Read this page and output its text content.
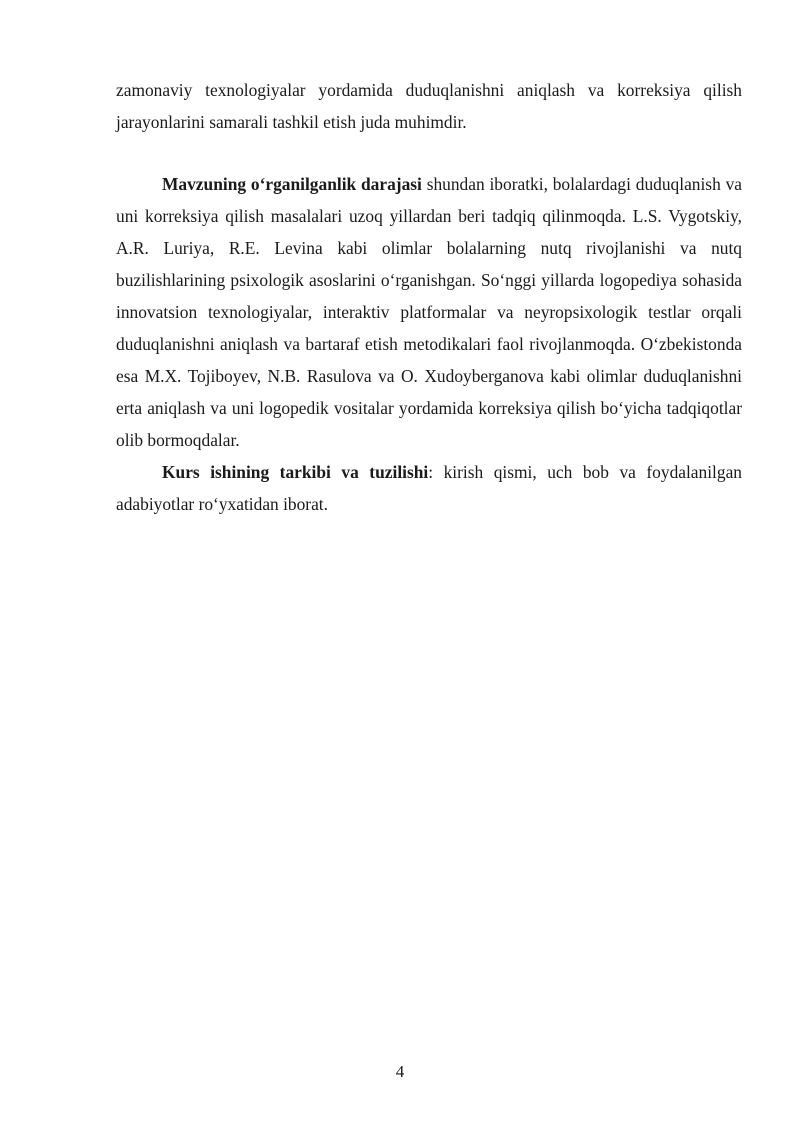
zamonaviy texnologiyalar yordamida duduqlanishni aniqlash va korreksiya qilish jarayonlarini samarali tashkil etish juda muhimdir.

Mavzuning o‘rganilganlik darajasi shundan iboratki, bolalardagi duduqlanish va uni korreksiya qilish masalalari uzoq yillardan beri tadqiq qilinmoqda. L.S. Vygotskiy, A.R. Luriya, R.E. Levina kabi olimlar bolalarning nutq rivojlanishi va nutq buzilishlarining psixologik asoslarini o‘rganishgan. So‘nggi yillarda logopediya sohasida innovatsion texnologiyalar, interaktiv platformalar va neyropsixologik testlar orqali duduqlanishni aniqlash va bartaraf etish metodikalari faol rivojlanmoqda. O‘zbekistonda esa M.X. Tojiboyev, N.B. Rasulova va O. Xudoyberganova kabi olimlar duduqlanishni erta aniqlash va uni logopedik vositalar yordamida korreksiya qilish bo‘yicha tadqiqotlar olib bormoqdalar.

Kurs ishining tarkibi va tuzilishi: kirish qismi, uch bob va foydalanilgan adabiyotlar ro‘yxatidan iborat.

4
